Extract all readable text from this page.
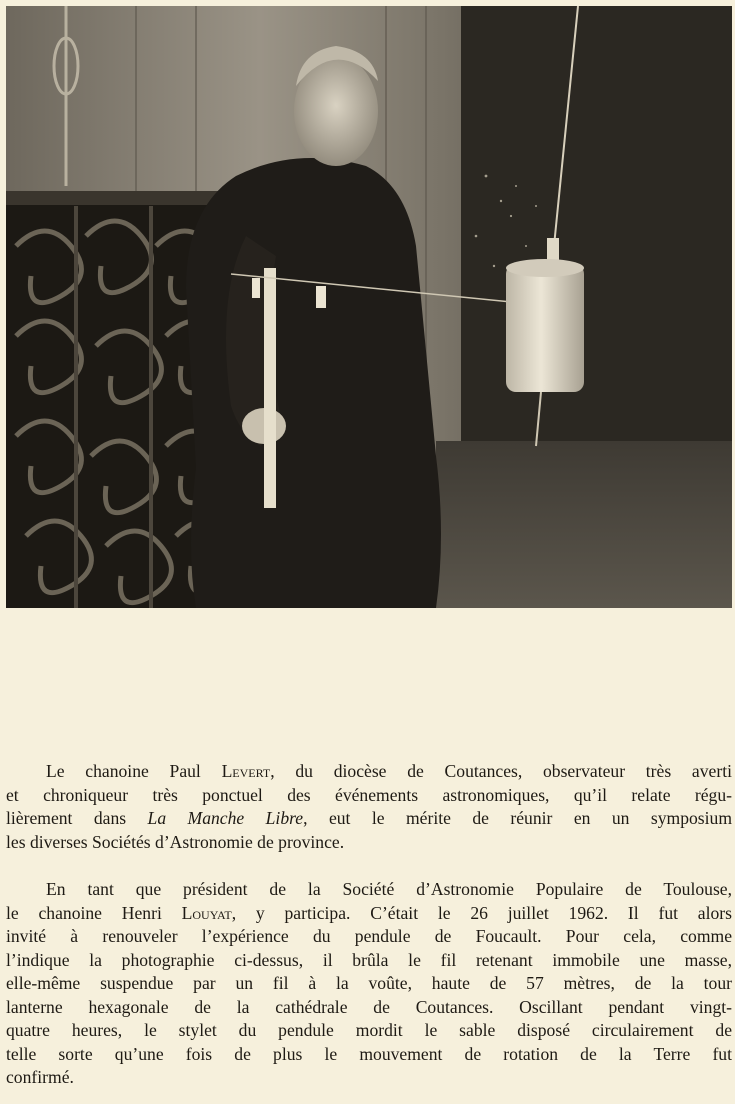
Le chanoine Paul Levert, du diocèse de Coutances, observateur très averti
et chroniqueur très ponctuel des événements astronomiques, qu’il relate régu-
lièrement dans La Manche Libre, eut le mérite de réunir en un symposium
les diverses Sociétés d’Astronomie de province.

En tant que président de la Société d’Astronomie Populaire de Toulouse,
le chanoine Henri Louyat, y participa. C’était le 26 juillet 1962. Il fut alors
invité à renouveler l’expérience du pendule de Foucault. Pour cela, comme
l’indique la photographie ci-dessus, il brûla le fil retenant immobile une masse,
elle-même suspendue par un fil à la voûte, haute de 57 mètres, de la tour
lanterne hexagonale de la cathédrale de Coutances. Oscillant pendant vingt-
quatre heures, le stylet du pendule mordit le sable disposé circulairement de
telle sorte qu’une fois de plus le mouvement de rotation de la Terre fut
confirmé.
